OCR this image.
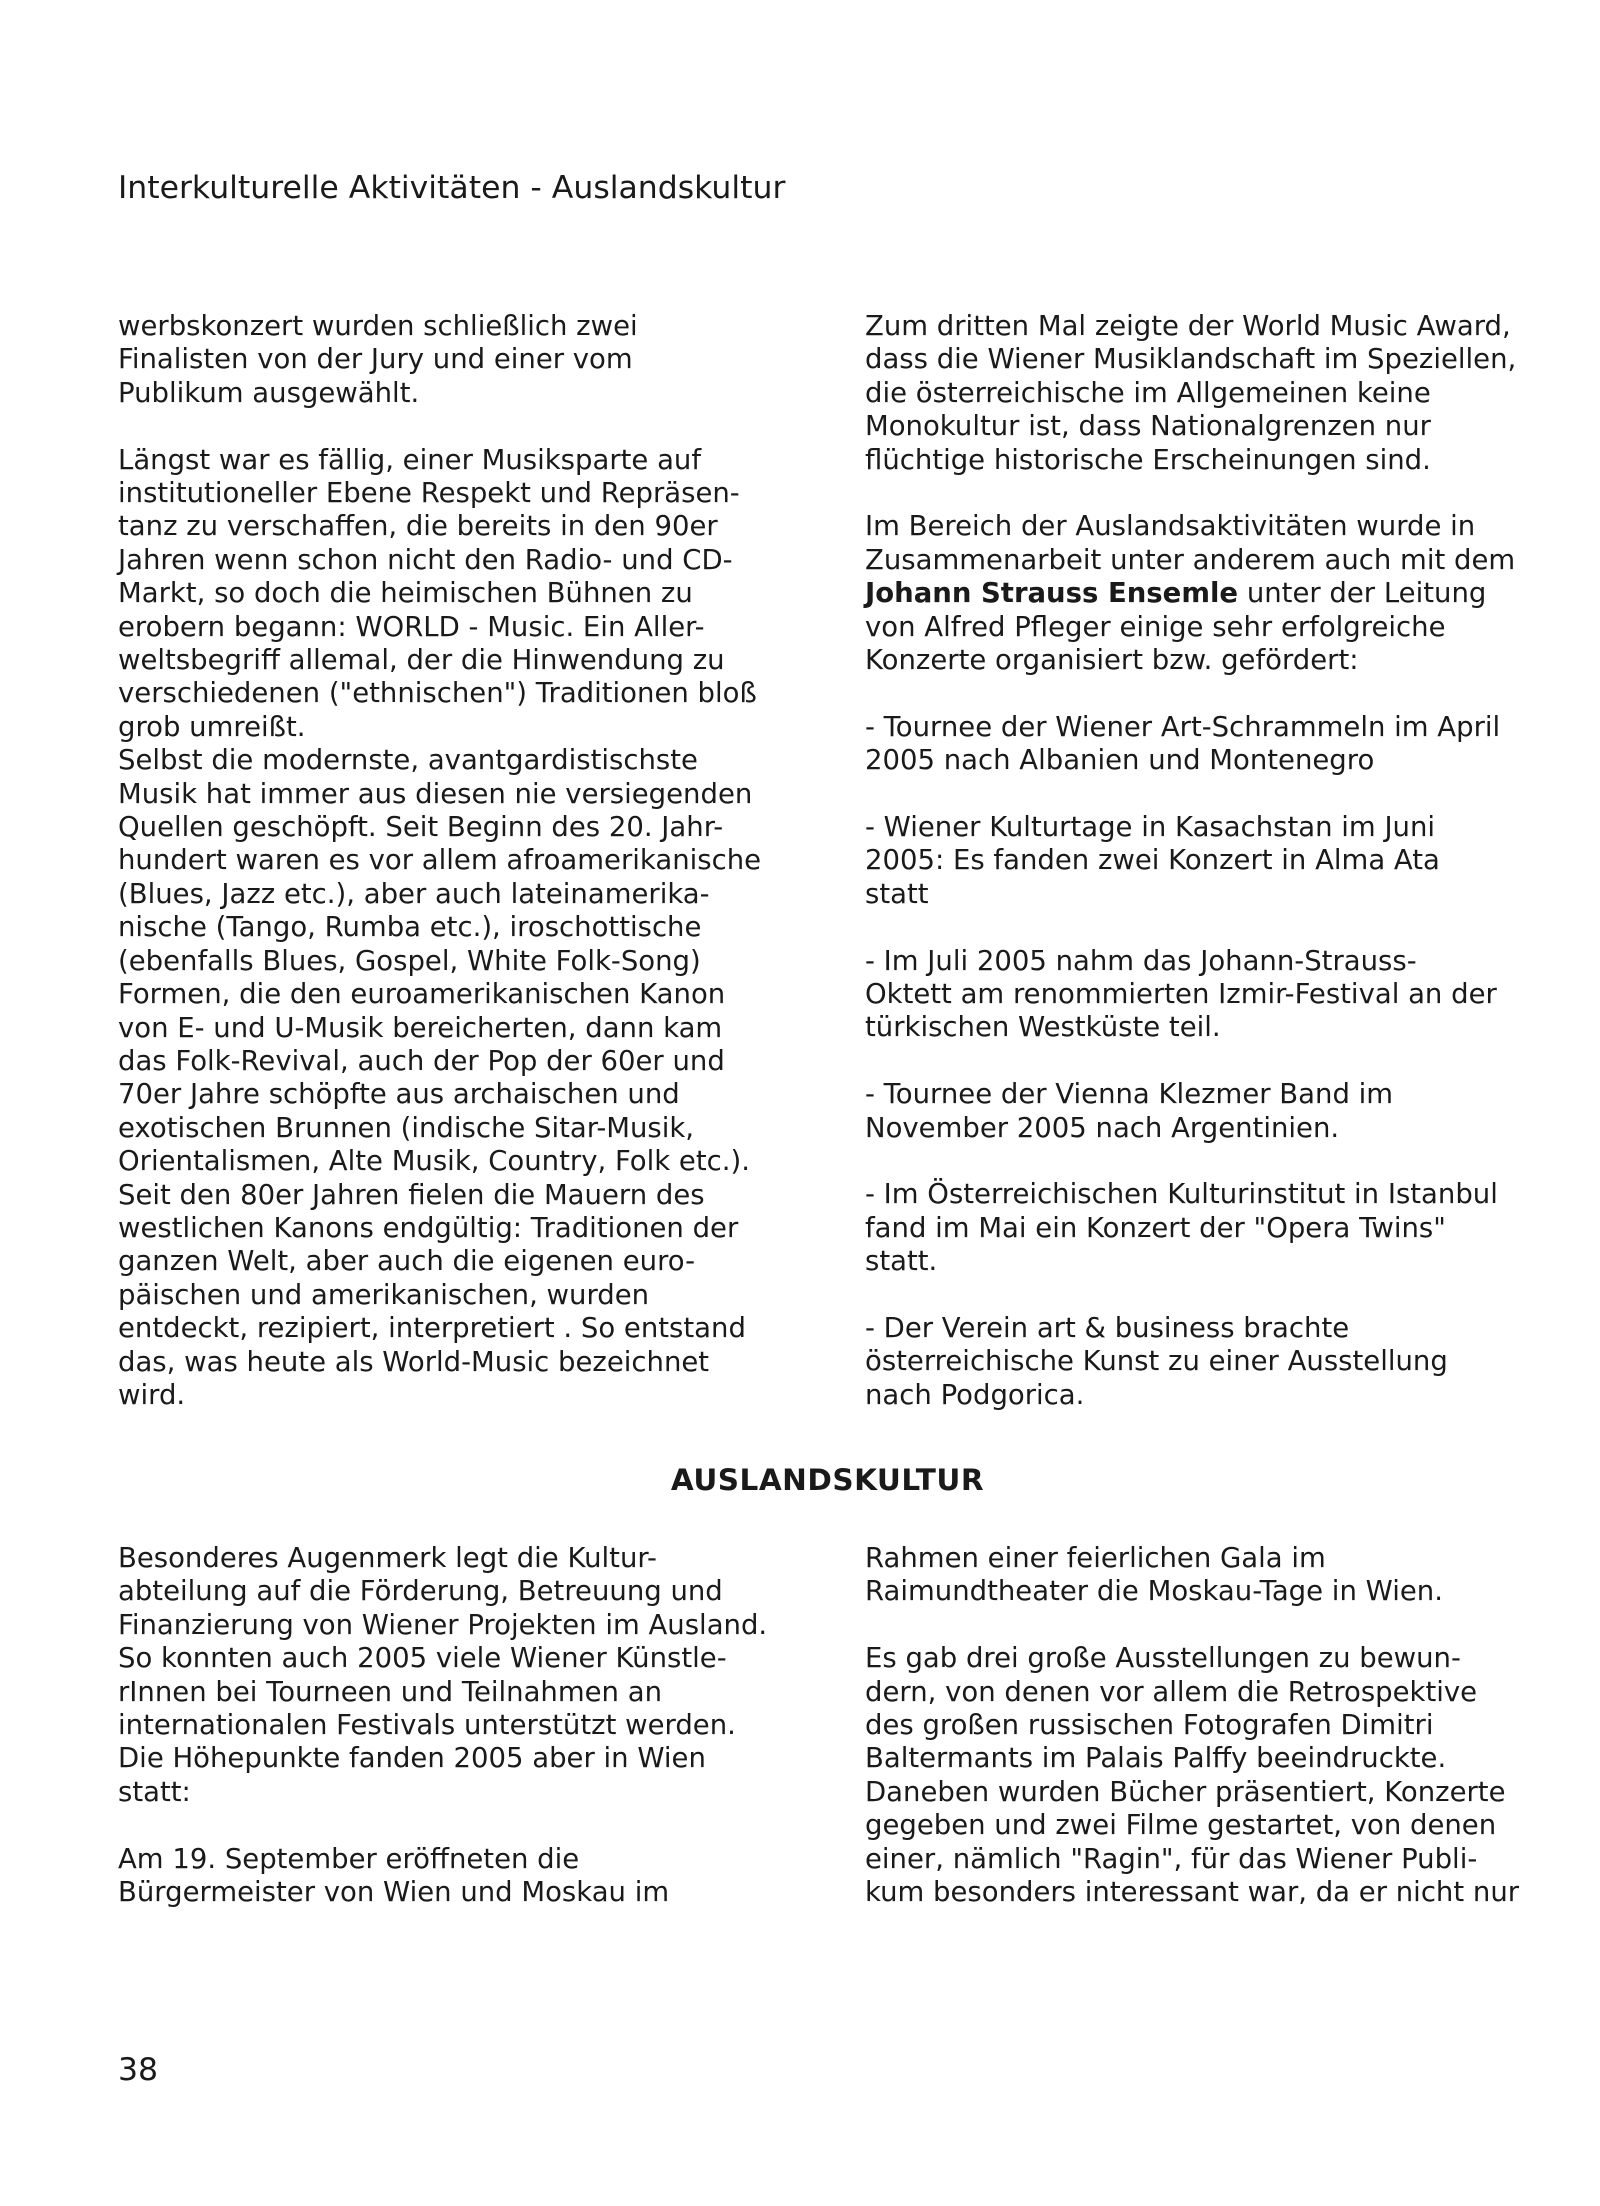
Interkulturelle Aktivitäten - Auslandskultur

werbskonzert wurden schließlich zwei
Finalisten von der Jury und einer vom
Publikum ausgewählt.

Längst war es fällig, einer Musiksparte auf
institutioneller Ebene Respekt und Repräsen-
tanz zu verschaffen, die bereits in den 90er
Jahren wenn schon nicht den Radio- und CD-
Markt, so doch die heimischen Bühnen zu
erobern begann: WORLD - Music. Ein Aller-
weltsbegriff allemal, der die Hinwendung zu
verschiedenen ("ethnischen") Traditionen bloß
grob umreißt.

Selbst die modernste, avantgardistischste
Musik hat immer aus diesen nie versiegenden
Quellen geschöpft. Seit Beginn des 20. Jahr-
hundert waren es vor allem afroamerikanische
(Blues, Jazz etc.), aber auch lateinamerika-
nische (Tango, Rumba etc.), iroschottische
(ebenfalls Blues, Gospel, White Folk-Song)
Formen, die den euroamerikanischen Kanon
von E- und U-Musik bereicherten, dann kam
das Folk-Revival, auch der Pop der 60er und
70er Jahre schöpfte aus archaischen und
exotischen Brunnen (indische Sitar-Musik,
Orientalismen, Alte Musik, Country, Folk etc.).
Seit den 80er Jahren fielen die Mauern des
westlichen Kanons endgültig: Traditionen der
ganzen Welt, aber auch die eigenen euro-
päischen und amerikanischen, wurden
entdeckt, rezipiert, interpretiert . So entstand
das, was heute als World-Music bezeichnet
wird.

Zum dritten Mal zeigte der World Music Award,
dass die Wiener Musiklandschaft im Speziellen,
die österreichische im Allgemeinen keine
Monokultur ist, dass Nationalgrenzen nur
flüchtige historische Erscheinungen sind.

Im Bereich der Auslandsaktivitäten wurde in
Zusammenarbeit unter anderem auch mit dem
Johann Strauss Ensemle unter der Leitung
von Alfred Pfleger einige sehr erfolgreiche
Konzerte organisiert bzw. gefördert:

- Tournee der Wiener Art-Schrammeln im April
2005 nach Albanien und Montenegro

- Wiener Kulturtage in Kasachstan im Juni
2005: Es fanden zwei Konzert in Alma Ata
statt

- Im Juli 2005 nahm das Johann-Strauss-
Oktett am renommierten Izmir-Festival an der
türkischen Westküste teil.

- Tournee der Vienna Klezmer Band im
November 2005 nach Argentinien.

- Im Österreichischen Kulturinstitut in Istanbul
fand im Mai ein Konzert der "Opera Twins"
statt.

- Der Verein art & business brachte
österreichische Kunst zu einer Ausstellung
nach Podgorica.

AUSLANDSKULTUR

Besonderes Augenmerk legt die Kultur-
abteilung auf die Förderung, Betreuung und
Finanzierung von Wiener Projekten im Ausland.
So konnten auch 2005 viele Wiener Künstle-
rInnen bei Tourneen und Teilnahmen an
internationalen Festivals unterstützt werden.
Die Höhepunkte fanden 2005 aber in Wien
statt:

Am 19. September eröffneten die
Bürgermeister von Wien und Moskau im

Rahmen einer feierlichen Gala im
Raimundtheater die Moskau-Tage in Wien.

Es gab drei große Ausstellungen zu bewun-
dern, von denen vor allem die Retrospektive
des großen russischen Fotografen Dimitri
Baltermants im Palais Palffy beeindruckte.
Daneben wurden Bücher präsentiert, Konzerte
gegeben und zwei Filme gestartet, von denen
einer, nämlich "Ragin", für das Wiener Publi-
kum besonders interessant war, da er nicht nur

38
